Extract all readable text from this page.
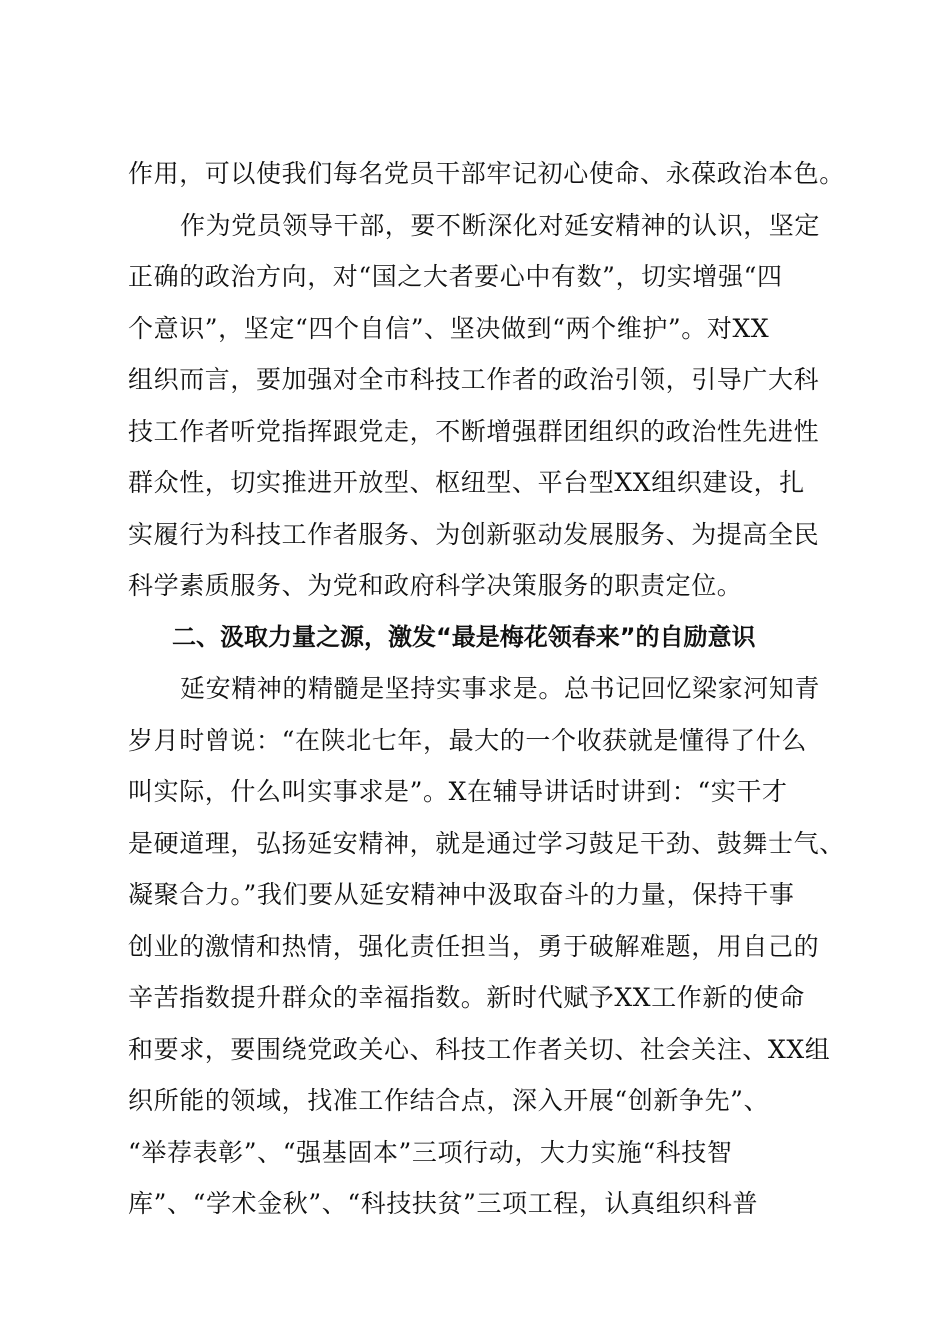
作用，可以使我们每名党员干部牢记初心使命、永葆政治本色。
作为党员领导干部，要不断深化对延安精神的认识，坚定
正确的政治方向，对“国之大者要心中有数”，切实增强“四
个意识”，坚定“四个自信”、坚决做到“两个维护”。对XX
组织而言，要加强对全市科技工作者的政治引领，引导广大科
技工作者听党指挥跟党走，不断增强群团组织的政治性先进性
群众性，切实推进开放型、枢纽型、平台型XX组织建设，扎
实履行为科技工作者服务、为创新驱动发展服务、为提高全民
科学素质服务、为党和政府科学决策服务的职责定位。
二、汲取力量之源，激发“最是梅花领春来”的自励意识
延安精神的精髓是坚持实事求是。总书记回忆梁家河知青
岁月时曾说：“在陕北七年，最大的一个收获就是懂得了什么
叫实际，什么叫实事求是”。X在辅导讲话时讲到：“实干才
是硬道理，弘扬延安精神，就是通过学习鼓足干劲、鼓舞士气、
凝聚合力。”我们要从延安精神中汲取奋斗的力量，保持干事
创业的激情和热情，强化责任担当，勇于破解难题，用自己的
辛苦指数提升群众的幸福指数。新时代赋予XX工作新的使命
和要求，要围绕党政关心、科技工作者关切、社会关注、XX组
织所能的领域，找准工作结合点，深入开展“创新争先”、
“举荐表彰”、“强基固本”三项行动，大力实施“科技智
库”、“学术金秋”、“科技扶贫”三项工程，认真组织科普
